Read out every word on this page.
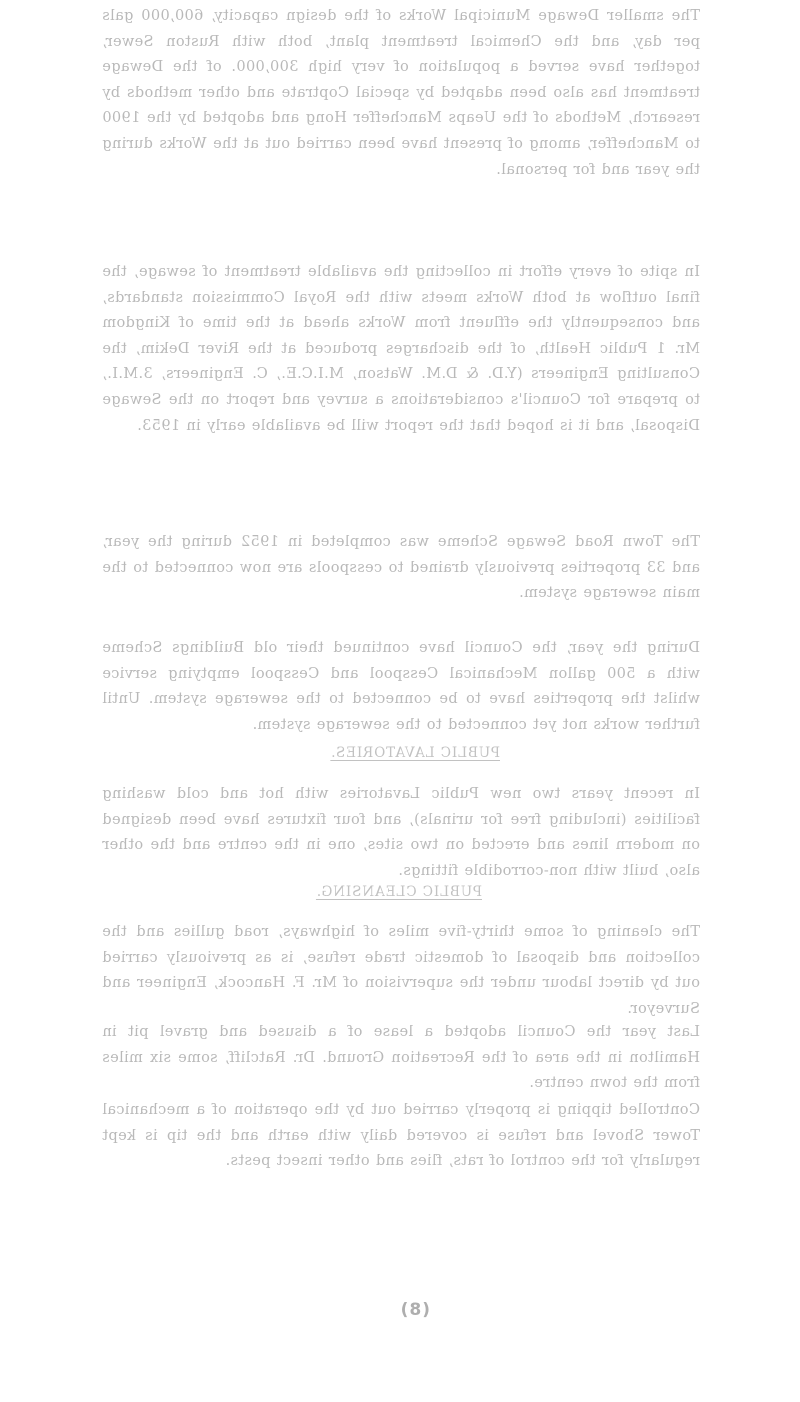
The smaller Dewage Municipal Works of the design capacity, 600,000 gals per day, and the Chemical treatment plant, both with Ruston Sewer, together have served a population of very high 300,000. of the Dewage treatment has also been adapted by special Coptrate and other methods by research, Methods of the Ueaps Mancheffer Hong and adopted by the 1900 to Mancheffer, among of present have been carried out at the Works during the year and for personal.

In spite of every effort in collecting the available treatment of sewage, the final outflow at both Works meets with the Royal Commission standards, and consequently the effluent from Works ahead at the time of Kingdom Mr. 1 Public Health, of the discharges produced at the River Dekim, the Consulting Engineers (Y.D. & D.M. Watson, M.I.C.E., C. Engineers, 3.M.I., to prepare for Council's considerations a survey and report on the Sewage Disposal, and it is hoped that the report will be available early in 1953.

The Town Road Sewage Scheme was completed in 1952 during the year, and 33 properties previously drained to cesspools are now connected to the main sewerage system.

During the year, the Council have continued their old Buildings Scheme with a 500 gallon Mechanical Cesspool and Cesspool emptying service whilst the properties have to be connected to the sewerage system. Until further works not yet connected to the sewerage system.

PUBLIC LAVATORIES.

In recent years two new Public Lavatories with hot and cold washing facilities (including free for urinals), and four fixtures have been designed on modern lines and erected on two sites, one in the centre and the other also, built with non-corrodible fittings.

PUBLIC CLEANSING.

The cleaning of some thirty-five miles of highways, road gullies and the collection and disposal of domestic trade refuse, is as previously carried out by direct labour under the supervision of Mr. F. Hancock, Engineer and Surveyor.

Last year the Council adopted a lease of a disused and gravel pit in Hamilton in the area of the Recreation Ground. Dr. Ratcliff, some six miles from the town centre.

Controlled tipping is properly carried out by the operation of a mechanical Tower Shovel and refuse is covered daily with earth and the tip is kept regularly for the control of rats, flies and other insect pests.

(8)
